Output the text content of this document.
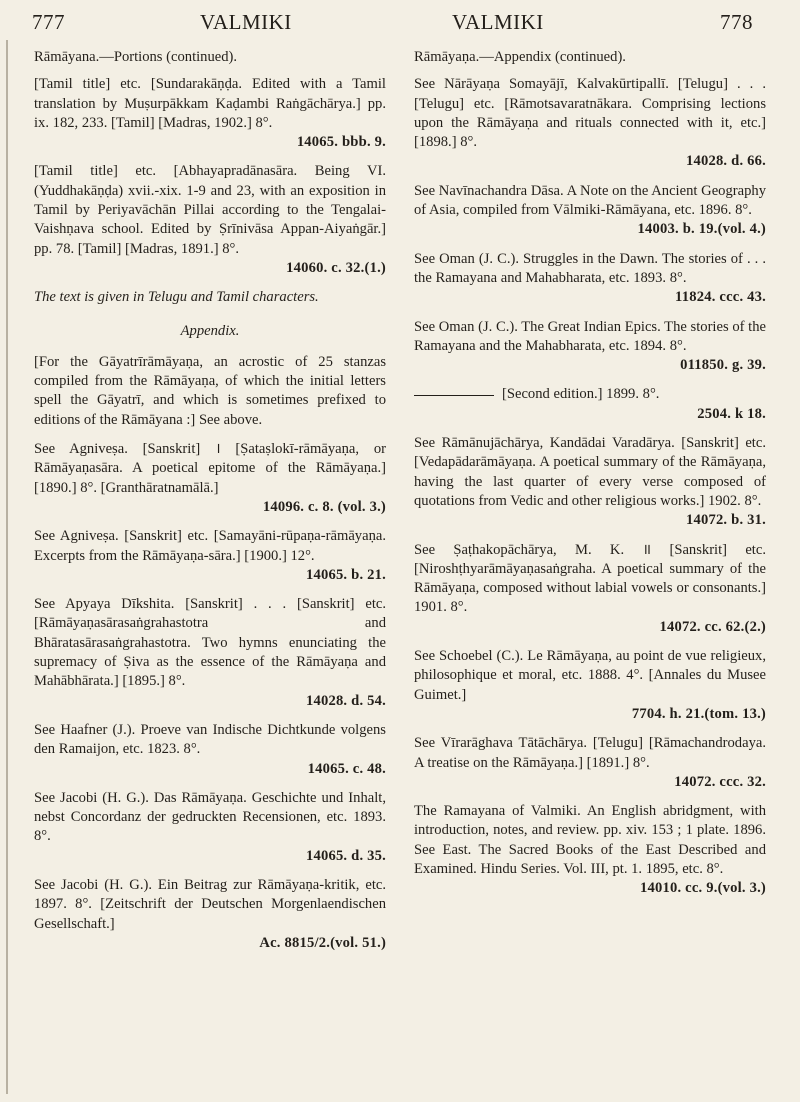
777	VALMIKI	VALMIKI	778

Rāmāyana.—Portions (continued).

[Tamil title] etc. [Sundarakāṇḍa. Edited with a Tamil translation by Muṣurpākkam Kaḍambi Raṅgāchārya.] pp. ix. 182, 233. [Tamil] [Madras, 1902.] 8°.
14065. bbb. 9.

[Tamil title] etc. [Abhayapradānasāra. Being VI. (Yuddhakāṇḍa) xvii.-xix. 1-9 and 23, with an exposition in Tamil by Periyavāchān Pillai according to the Tengalai-Vaishṇava school. Edited by Ṣrīnivāsa Appan-Aiyaṅgār.] pp. 78. [Tamil] [Madras, 1891.] 8°.
14060. c. 32.(1.)

The text is given in Telugu and Tamil characters.

Appendix.

[For the Gāyatrīrāmāyaṇa, an acrostic of 25 stanzas compiled from the Rāmāyaṇa, of which the initial letters spell the Gāyatrī, and which is sometimes prefixed to editions of the Rāmāyana :] See above.

See Agniveṣa. [Sanskrit] । [Ṣataṣlokī-rāmāyaṇa, or Rāmāyaṇasāra. A poetical epitome of the Rāmāyaṇa.] [1890.] 8°. [Granthāratnamālā.]
14096. c. 8. (vol. 3.)

See Agniveṣa. [Sanskrit] etc. [Samayāni-rūpaṇa-rāmāyaṇa. Excerpts from the Rāmāyaṇa-sāra.] [1900.] 12°.
14065. b. 21.

See Apyaya Dīkshita. [Sanskrit] . . . [Sanskrit] etc. [Rāmāyaṇasārasaṅgrahastotra and Bhāratasārasaṅgrahastotra. Two hymns enunciating the supremacy of Ṣiva as the essence of the Rāmāyaṇa and Mahābhārata.] [1895.] 8°.
14028. d. 54.

See Haafner (J.). Proeve van Indische Dichtkunde volgens den Ramaijon, etc. 1823. 8°.
14065. c. 48.

See Jacobi (H. G.). Das Rāmāyaṇa. Geschichte und Inhalt, nebst Concordanz der gedruckten Recensionen, etc. 1893. 8°.
14065. d. 35.

See Jacobi (H. G.). Ein Beitrag zur Rāmāyaṇa-kritik, etc. 1897. 8°. [Zeitschrift der Deutschen Morgenlaendischen Gesellschaft.]
Ac. 8815/2.(vol. 51.)

Rāmāyaṇa.—Appendix (continued).

See Nārāyaṇa Somayājī, Kalvakūrtipallī. [Telugu] . . . [Telugu] etc. [Rāmotsavaratnākara. Comprising lections upon the Rāmāyaṇa and rituals connected with it, etc.] [1898.] 8°.
14028. d. 66.

See Navīnachandra Dāsa. A Note on the Ancient Geography of Asia, compiled from Vālmiki-Rāmāyana, etc. 1896. 8°.
14003. b. 19.(vol. 4.)

See Oman (J. C.). Struggles in the Dawn. The stories of . . . the Ramayana and Mahabharata, etc. 1893. 8°.
11824. ccc. 43.

See Oman (J. C.). The Great Indian Epics. The stories of the Ramayana and the Mahabharata, etc. 1894. 8°.
011850. g. 39.

[Second edition.] 1899. 8°.
2504. k 18.

See Rāmānujāchārya, Kandādai Varadārya. [Sanskrit] etc. [Vedapādarāmāyaṇa. A poetical summary of the Rāmāyaṇa, having the last quarter of every verse composed of quotations from Vedic and other religious works.] 1902. 8°.
14072. b. 31.

See Ṣaṭhakopāchārya, M. K. ॥ [Sanskrit] etc. [Niroshṭhyarāmāyaṇasaṅgraha. A poetical summary of the Rāmāyaṇa, composed without labial vowels or consonants.] 1901. 8°.
14072. cc. 62.(2.)

See Schoebel (C.). Le Rāmāyaṇa, au point de vue religieux, philosophique et moral, etc. 1888. 4°. [Annales du Musee Guimet.]
7704. h. 21.(tom. 13.)

See Vīrarāghava Tātāchārya. [Telugu] [Rāmachandrodaya. A treatise on the Rāmāyaṇa.] [1891.] 8°.
14072. ccc. 32.

The Ramayana of Valmiki. An English abridgment, with introduction, notes, and review. pp. xiv. 153 ; 1 plate. 1896. See East. The Sacred Books of the East Described and Examined. Hindu Series. Vol. III, pt. 1. 1895, etc. 8°.
14010. cc. 9.(vol. 3.)
